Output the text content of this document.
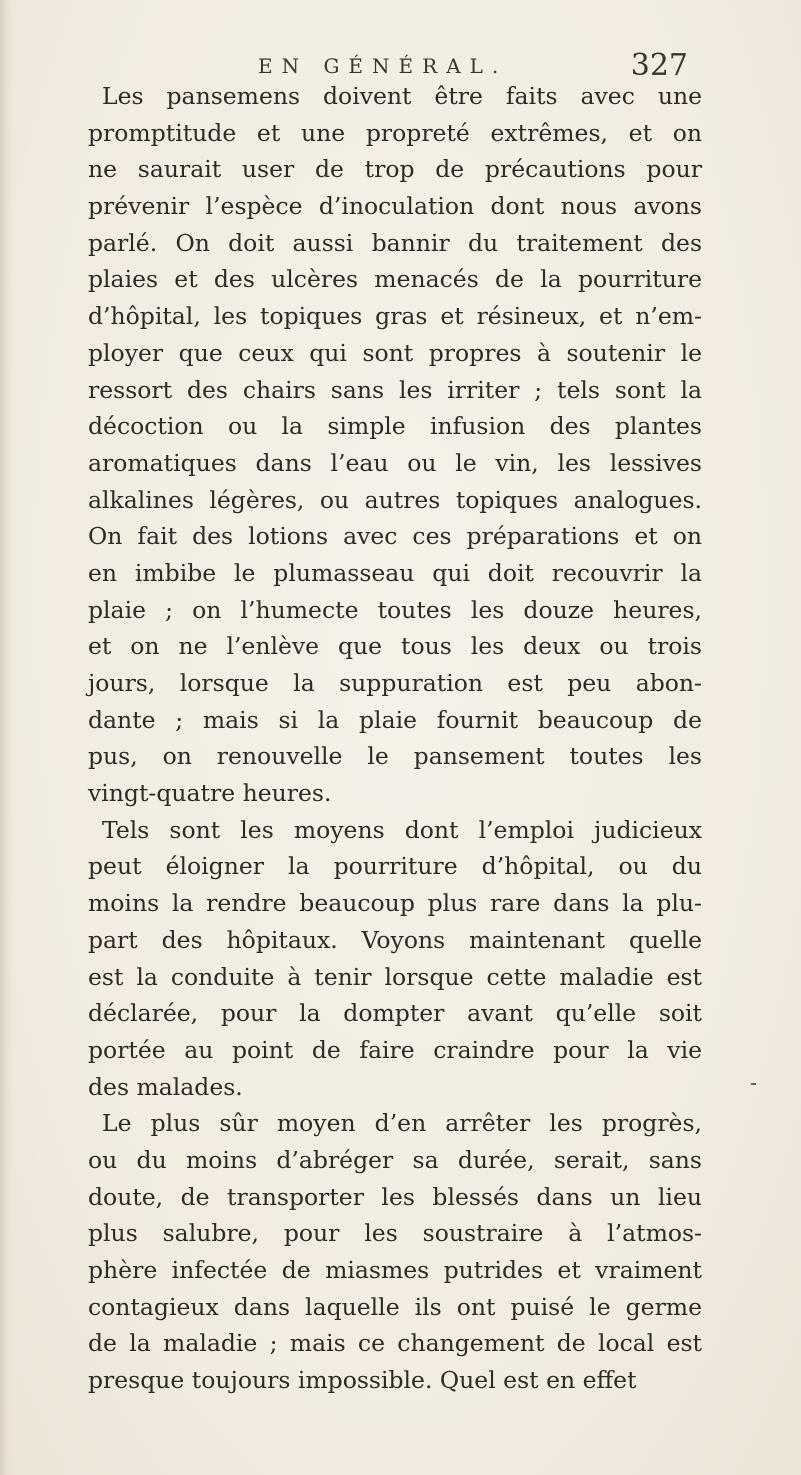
EN GÉNÉRAL.	327
Les pansemens doivent être faits avec une
promptitude et une propreté extrêmes, et on
ne saurait user de trop de précautions pour
prévenir l’espèce d’inoculation dont nous avons
parlé. On doit aussi bannir du traitement des
plaies et des ulcères menacés de la pourriture
d’hôpital, les topiques gras et résineux, et n’em-
ployer que ceux qui sont propres à soutenir le
ressort des chairs sans les irriter ; tels sont la
décoction ou la simple infusion des plantes
aromatiques dans l’eau ou le vin, les lessives
alkalines légères, ou autres topiques analogues.
On fait des lotions avec ces préparations et on
en imbibe le plumasseau qui doit recouvrir la
plaie ; on l’humecte toutes les douze heures,
et on ne l’enlève que tous les deux ou trois
jours, lorsque la suppuration est peu abon-
dante ; mais si la plaie fournit beaucoup de
pus, on renouvelle le pansement toutes les
vingt-quatre heures.
Tels sont les moyens dont l’emploi judicieux
peut éloigner la pourriture d’hôpital, ou du
moins la rendre beaucoup plus rare dans la plu-
part des hôpitaux. Voyons maintenant quelle
est la conduite à tenir lorsque cette maladie est
déclarée, pour la dompter avant qu’elle soit
portée au point de faire craindre pour la vie
des malades.
Le plus sûr moyen d’en arrêter les progrès,
ou du moins d’abréger sa durée, serait, sans
doute, de transporter les blessés dans un lieu
plus salubre, pour les soustraire à l’atmos-
phère infectée de miasmes putrides et vraiment
contagieux dans laquelle ils ont puisé le germe
de la maladie ; mais ce changement de local est
presque toujours impossible. Quel est en effet
